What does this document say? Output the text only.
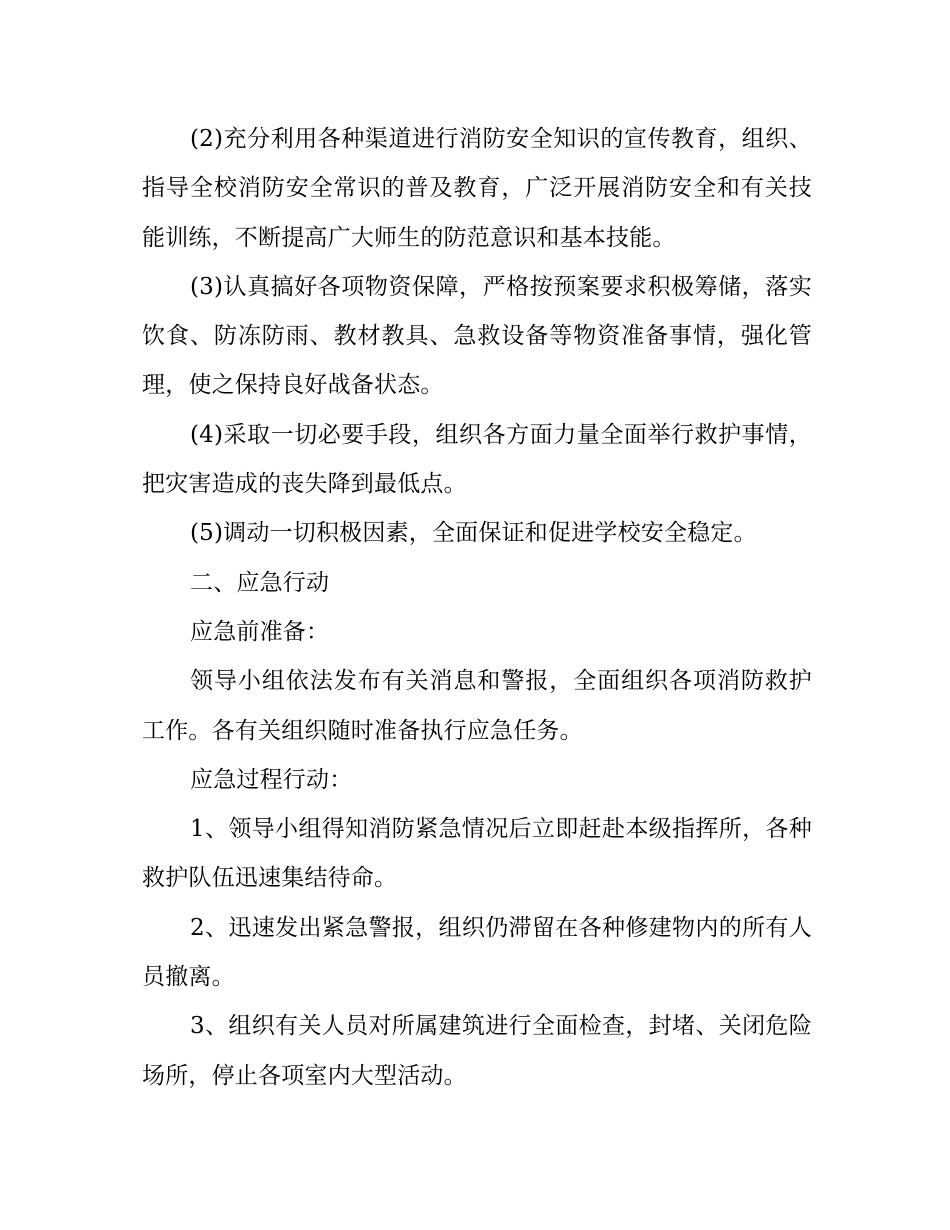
(2)充分利用各种渠道进行消防安全知识的宣传教育，组织、指导全校消防安全常识的普及教育，广泛开展消防安全和有关技能训练，不断提高广大师生的防范意识和基本技能。

(3)认真搞好各项物资保障，严格按预案要求积极筹储，落实饮食、防冻防雨、教材教具、急救设备等物资准备事情，强化管理，使之保持良好战备状态。

(4)采取一切必要手段，组织各方面力量全面举行救护事情，把灾害造成的丧失降到最低点。

(5)调动一切积极因素，全面保证和促进学校安全稳定。

二、应急行动

应急前准备：

领导小组依法发布有关消息和警报，全面组织各项消防救护工作。各有关组织随时准备执行应急任务。

应急过程行动：

1、领导小组得知消防紧急情况后立即赶赴本级指挥所，各种救护队伍迅速集结待命。

2、迅速发出紧急警报，组织仍滞留在各种修建物内的所有人员撤离。

3、组织有关人员对所属建筑进行全面检查，封堵、关闭危险场所，停止各项室内大型活动。
